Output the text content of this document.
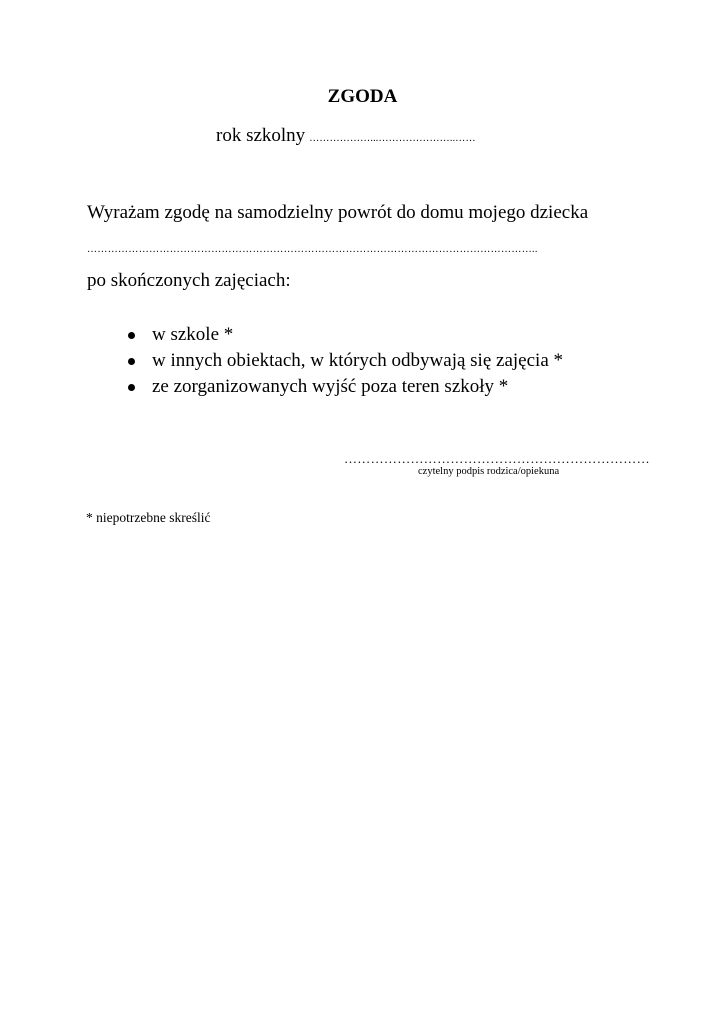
ZGODA
rok szkolny ………………...…………………..……
Wyrażam zgodę na samodzielny powrót do domu mojego dziecka
…………………………………………………………………………………………………………………..
po skończonych zajęciach:
w szkole *
w innych obiektach, w których odbywają się zajęcia *
ze zorganizowanych wyjść poza teren szkoły *
……………………………………………………………
czytelny podpis rodzica/opiekuna
* niepotrzebne skreślić
